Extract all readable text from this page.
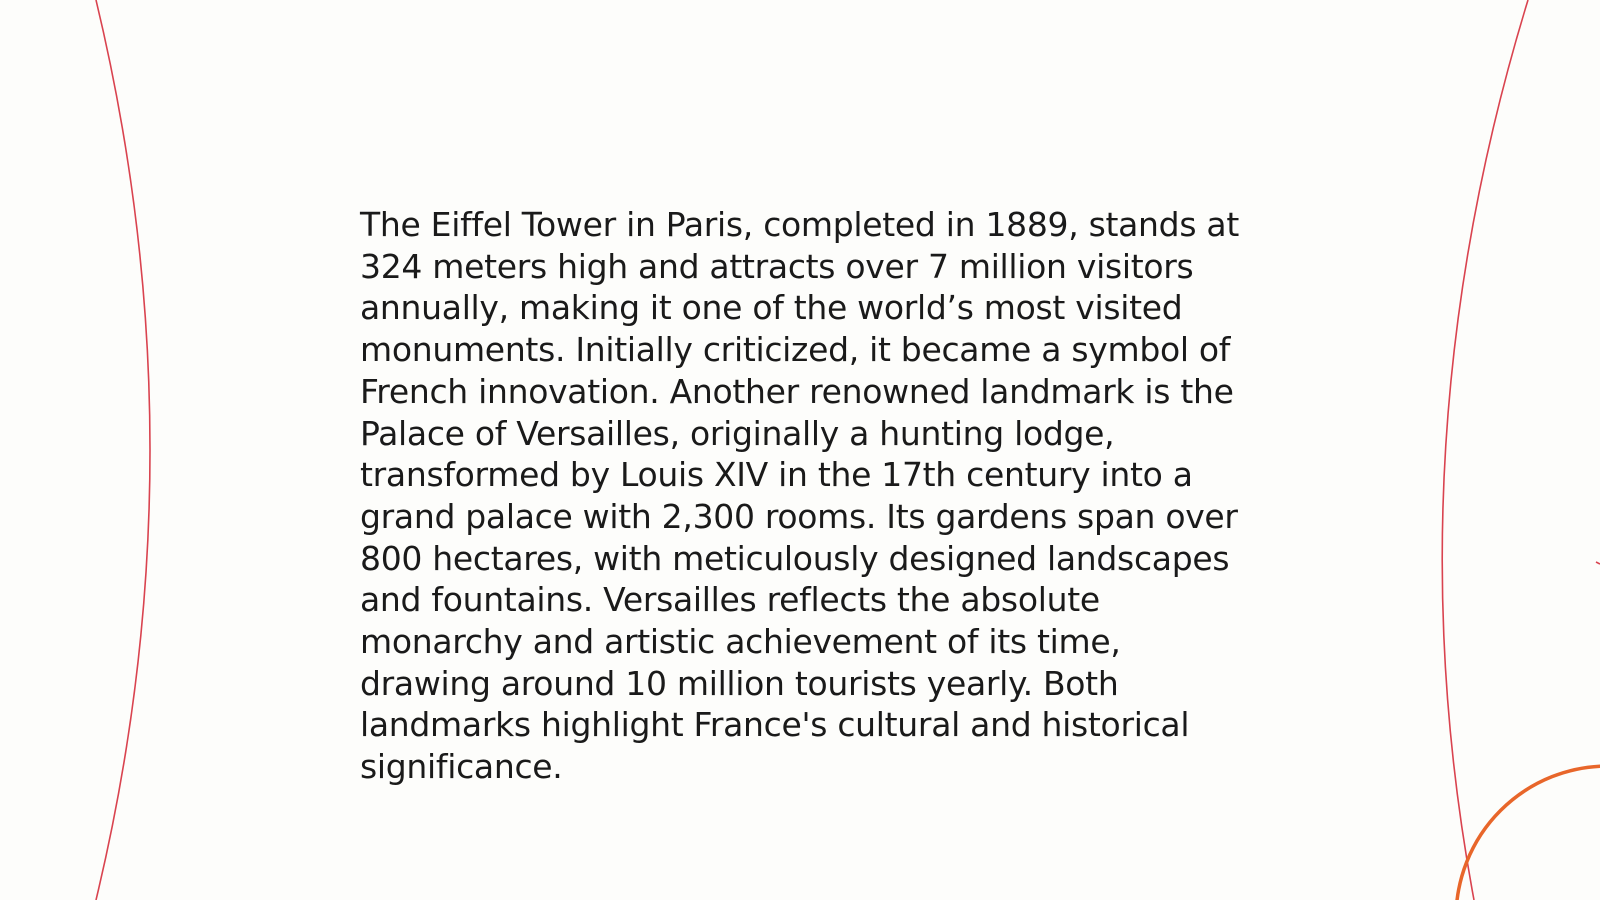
The Eiffel Tower in Paris, completed in 1889, stands at
324 meters high and attracts over 7 million visitors
annually, making it one of the world’s most visited
monuments. Initially criticized, it became a symbol of
French innovation. Another renowned landmark is the
Palace of Versailles, originally a hunting lodge,
transformed by Louis XIV in the 17th century into a
grand palace with 2,300 rooms. Its gardens span over
800 hectares, with meticulously designed landscapes
and fountains. Versailles reflects the absolute
monarchy and artistic achievement of its time,
drawing around 10 million tourists yearly. Both
landmarks highlight France's cultural and historical
significance.
